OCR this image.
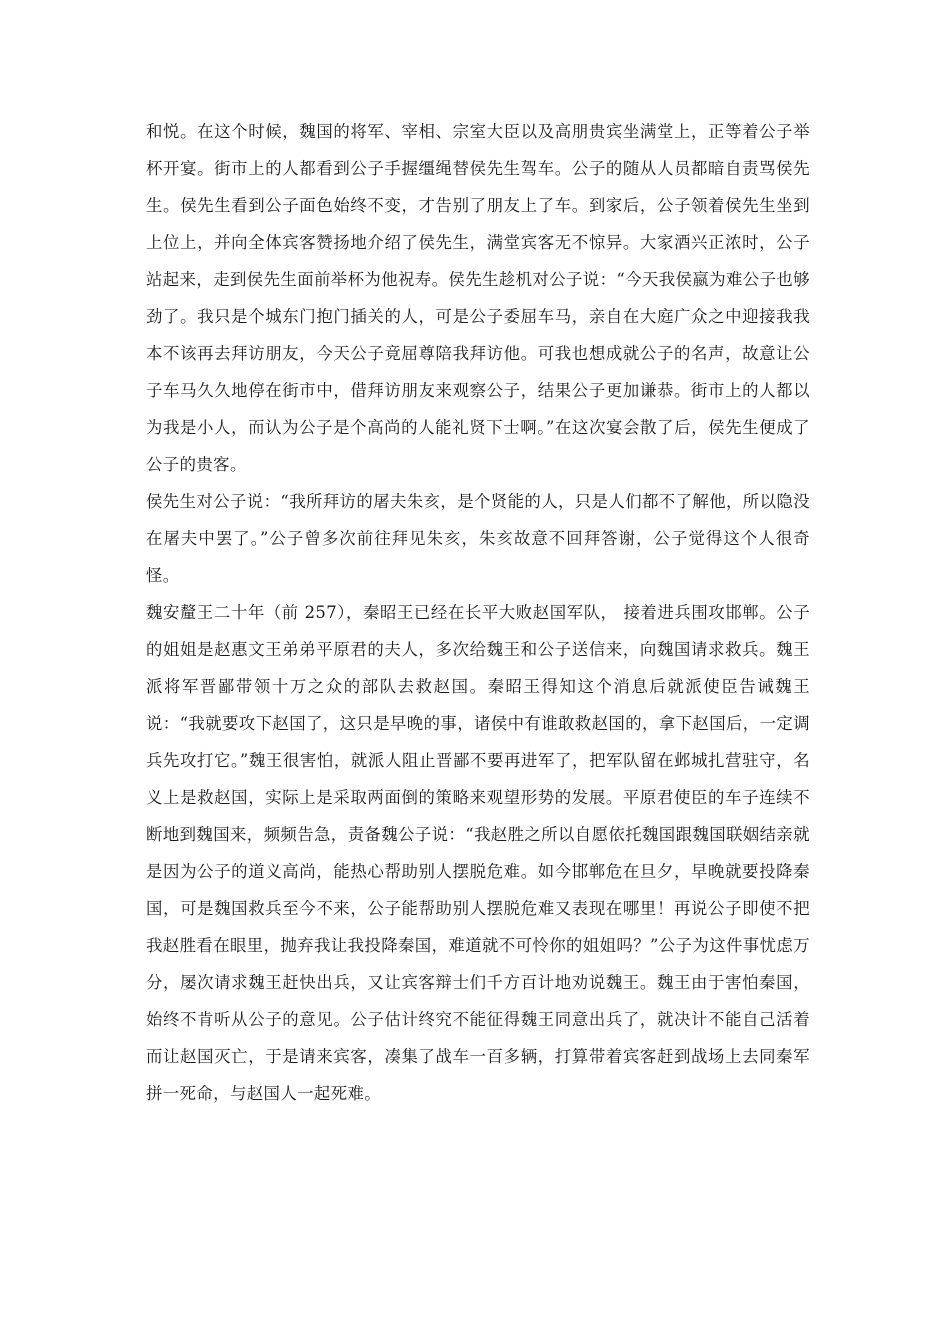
和悦。在这个时候，魏国的将军、宰相、宗室大臣以及高朋贵宾坐满堂上，正等着公子举杯开宴。街市上的人都看到公子手握缰绳替侯先生驾车。公子的随从人员都暗自责骂侯先生。侯先生看到公子面色始终不变，才告别了朋友上了车。到家后，公子领着侯先生坐到上位上，并向全体宾客赞扬地介绍了侯先生，满堂宾客无不惊异。大家酒兴正浓时，公子站起来，走到侯先生面前举杯为他祝寿。侯先生趁机对公子说：“今天我侯嬴为难公子也够劲了。我只是个城东门抱门插关的人，可是公子委屈车马，亲自在大庭广众之中迎接我我本不该再去拜访朋友，今天公子竟屈尊陪我拜访他。可我也想成就公子的名声，故意让公子车马久久地停在街市中，借拜访朋友来观察公子，结果公子更加谦恭。街市上的人都以为我是小人，而认为公子是个高尚的人能礼贤下士啊。”在这次宴会散了后，侯先生便成了公子的贵客。

侯先生对公子说：“我所拜访的屠夫朱亥，是个贤能的人，只是人们都不了解他，所以隐没在屠夫中罢了。”公子曾多次前往拜见朱亥，朱亥故意不回拜答谢，公子觉得这个人很奇怪。

魏安釐王二十年（前 257），秦昭王已经在长平大败赵国军队， 接着进兵围攻邯郸。公子的姐姐是赵惠文王弟弟平原君的夫人，多次给魏王和公子送信来，向魏国请求救兵。魏王派将军晋鄙带领十万之众的部队去救赵国。秦昭王得知这个消息后就派使臣告诫魏王说：“我就要攻下赵国了，这只是早晚的事，诸侯中有谁敢救赵国的，拿下赵国后，一定调兵先攻打它。”魏王很害怕，就派人阻止晋鄙不要再进军了，把军队留在邺城扎营驻守，名义上是救赵国，实际上是采取两面倒的策略来观望形势的发展。平原君使臣的车子连续不断地到魏国来，频频告急，责备魏公子说：“我赵胜之所以自愿依托魏国跟魏国联姻结亲就是因为公子的道义高尚，能热心帮助别人摆脱危难。如今邯郸危在旦夕，早晚就要投降秦国，可是魏国救兵至今不来，公子能帮助别人摆脱危难又表现在哪里！再说公子即使不把我赵胜看在眼里，抛弃我让我投降秦国，难道就不可怜你的姐姐吗？”公子为这件事忧虑万分，屡次请求魏王赶快出兵，又让宾客辩士们千方百计地劝说魏王。魏王由于害怕秦国，始终不肯听从公子的意见。公子估计终究不能征得魏王同意出兵了，就决计不能自己活着而让赵国灭亡，于是请来宾客，凑集了战车一百多辆，打算带着宾客赶到战场上去同秦军拼一死命，与赵国人一起死难。
